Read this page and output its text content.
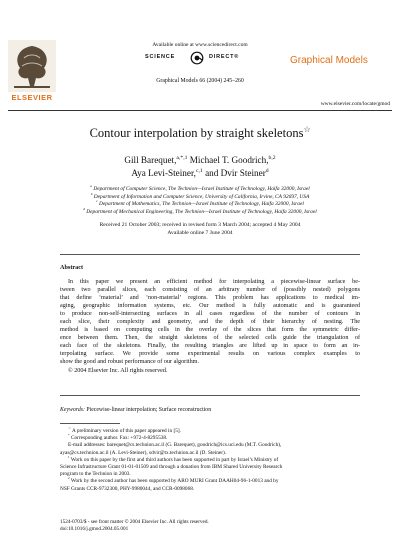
ELSEVIER
Available online at www.sciencedirect.com
SCIENCE	DIRECT®
Graphical Models 66 (2004) 245–260
Graphical Models
www.elsevier.com/locate/gmod
Contour interpolation by straight skeletons☆
Gill Barequet,$^{a,*,1}$ Michael T. Goodrich,$^{b,2}$
Aya Levi-Steiner,$^{c,1}$ and Dvir Steiner$^d$
$^a$ Department of Computer Science, The Technion—Israel Institute of Technology, Haifa 32000, Israel
$^b$ Department of Information and Computer Science, University of California, Irvine, CA 92697, USA
$^c$ Department of Mathematics, The Technion—Israel Institute of Technology, Haifa 32000, Israel
$^d$ Department of Mechanical Engineering, The Technion—Israel Institute of Technology, Haifa 32000, Israel
Received 21 October 2003; received in revised form 3 March 2004; accepted 4 May 2004
Available online 7 June 2004
Abstract
In this paper we present an efficient method for interpolating a piecewise-linear surface be-
tween two parallel slices, each consisting of an arbitrary number of (possibly nested) polygons
that define ‘material’ and ‘non-material’ regions. This problem has applications to medical im-
aging, geographic information systems, etc. Our method is fully automatic and is guaranteed
to produce non-self-intersecting surfaces in all cases regardless of the number of contours in
each slice, their complexity and geometry, and the depth of their hierarchy of nesting. The
method is based on computing cells in the overlay of the slices that form the symmetric differ-
ence between them. Then, the straight skeletons of the selected cells guide the triangulation of
each face of the skeletons. Finally, the resulting triangles are lifted up in space to form an in-
terpolating surface. We provide some experimental results on various complex examples to
show the good and robust performance of our algorithm.
© 2004 Elsevier Inc. All rights reserved.
Keywords: Piecewise-linear interpolation; Surface reconstruction
☆ A preliminary version of this paper appeared in [5].
* Corresponding author. Fax: +972-4-8295538.
E-mail addresses: barequet@cs.technion.ac.il (G. Barequet), goodrich@ics.uci.edu (M.T. Goodrich),
ayas@cs.technion.ac.il (A. Levi-Steiner), sdvir@tx.technion.ac.il (D. Steiner).
$^1$ Work on this paper by the first and third authors has been supported in part by Israel’s Ministry of
Science Infrastructure Grant 01-01-01509 and through a donation from IBM Shared University Research
program to the Technion in 2003.
$^2$ Work by the second author has been supported by ARO MURI Grant DAAH04-96-1-0013 and by
NSF Grants CCR-9732300, PHY-9980044, and CCR-0098068.
1524-0703/$ - see front matter © 2004 Elsevier Inc. All rights reserved.
doi:10.1016/j.gmod.2004.05.001
